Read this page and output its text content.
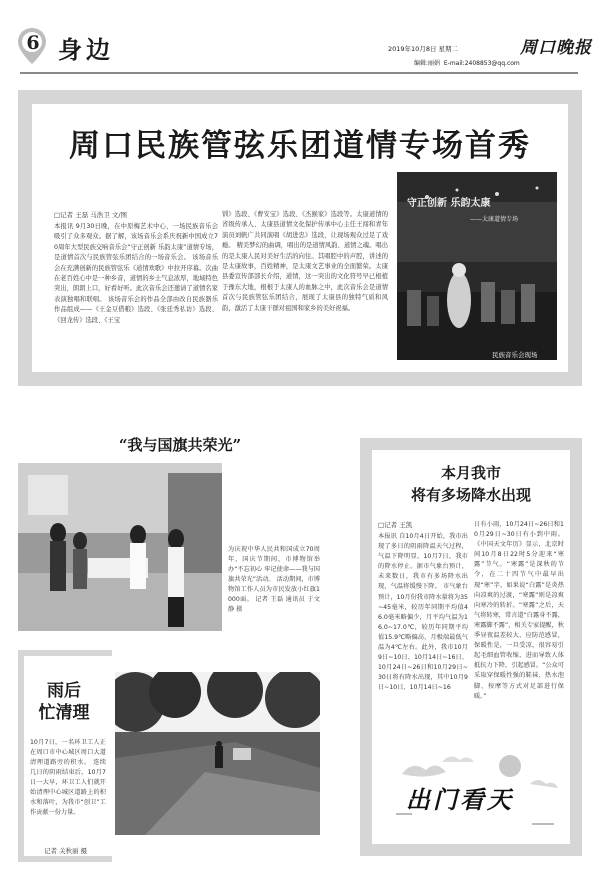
6 身边	2019年10月8日 星期二	周口晚报
编辑:丽娟 E-mail:2408853@qq.com
周口民族管弦乐团道情专场首秀
□记者 王磊 马浩卫 文/图
本报讯 9月30日晚，在中原梅艺术中心，一场民族音乐会吸引了众多观众。据了解，该场音乐会系庆祝新中国成立70周年大型民族交响音乐会“守正创新 乐韵太康”道情专场，是道情首次与民族管弦乐团结合的一场音乐会。 该场音乐会在充满创新的民族管弦乐《道情欢歌》中拉开序幕。次曲在老百姓心中是一种乡音，道情的乡土气息浓厚，地域特色突出，朗朗上口，好看好听。此次音乐会还邀请了道情名家表演独唱和联唱。 该场音乐会的作品全部由改自民族器乐作品组成——《王金豆借粮》选段、《张廷秀私访》选段、《回龙传》选段、《王宝
钏》选段、《曹安宝》选段、《杰猴家》选段等。太康道情的省级传承人、太康县道情文化保护传承中心主任王闯和青年演员刘帆广共同演唱《胡进忠》选段，让现场观众过足了戏瘾。 精美梦幻的曲调，唱出的是道情风韵、道情之魂。唱出的是太康人民对美好生活的向往。其唱腔中的声腔，讲述的是太康故事，百姓精神，是太康文艺事业的全面繁荣。太康县委宣传部部长介绍，道情，这一突出的文化符号早已根植于豫东大地，根根于太康人的血脉之中，此次音乐会是道情首次与民族管弦乐团结合，展现了太康县的独特气质和风韵，激活了太康干群对祖国和家乡的美好祝福。
守正创新 乐韵太康
——太康道情专场
民族音乐会现场
“我与国旗共荣光”
为庆祝中华人民共和国成立70周年，国庆节期间，市博物馆举办“不忘初心 牢记使命——我与国旗共荣光”活动。 活动期间，市博物馆工作人员为市民发放小红旗1000面。 记者 王磊 通讯员 于文静 摄
本月我市
将有多场降水出现
□记者 王凯
本报讯 自10月4日开始，我市出现了多日的阴雨降温天气过程，气温下降明显，10月7日，我市的降水停止。据市气象台预计，未来数日，我市有多场降水出现，气温将缓慢下降。 市气象台预计，10月份我市降水量将为35~45毫米，较历年同期平均值46.0毫米略偏少，月平均气温为16.0~17.0℃，较历年同期平均值15.9℃略偏高，月极端最低气温为4℃左右。此外，我市10月9日~10日、10月14日~16日、10月24日~26日和10月29日~30日将有降水出现，其中10月9日~10日、10月14日~16
日有小雨，10月24日~26日和10月29日~30日有小到中雨。 《中国天文年历》显示，北京时间10月8日22时5分迎来“寒露”节气。“寒露”是深秋的节令，在二十四节气中最早出现“寒”字，如果说“白露”是炎热向凉爽的过渡，“寒露”则是凉爽向寒冷的转折。“寒露”之后，天气将转寒，常言道“白露身不露，寒露脚不露”，相关专家提醒，秋季昼夜温差较大，应防范感冒，保暖性是，一旦受凉，很容易引起毛细血管收缩，进而导致人体抵抗力下降，引起感冒。“公众可采取穿保暖性强的鞋袜、热水泡脚、按摩等方式对足部进行保暖。”
出门看天
雨后
忙清理
10月7日，一名环卫工人正在周口市中心城区周口大道清理道路旁的积水。 连续几日的阴雨结束后，10月7日一大早，环卫工人们就开始清理中心城区道路上的积水和落叶，为我市“创卫”工作贡献一份力量。
记者 关秋丽 摄
